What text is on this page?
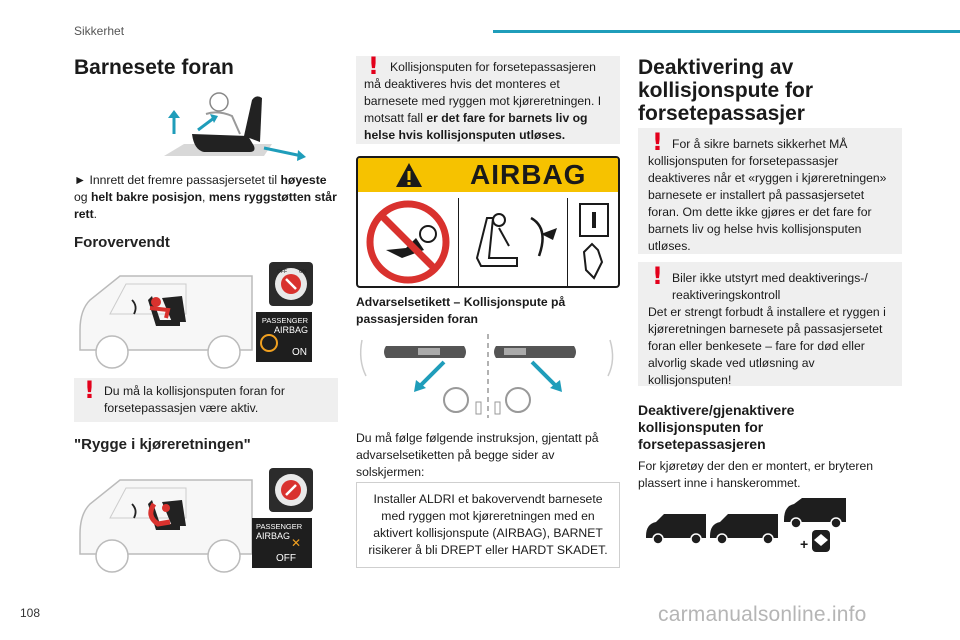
Sikkerhet
Barnesete foran

► Innrett det fremre passasjersetet til høyeste og helt bakre posisjon, mens ryggstøtten står rett.

Forovervendt
OFF ON
PASSENGER
AIRBAG
ON
! Du må la kollisjonsputen foran for forsetepassasjen være aktiv.
"Rygge i kjøreretningen"
PASSENGER
AIRBAG ✕
OFF
! Kollisjonsputen for forsetepassasjeren må deaktiveres hvis det monteres et barnesete med ryggen mot kjøreretningen. I motsatt fall er det fare for barnets liv og helse hvis kollisjonsputen utløses.
AIRBAG

Advarselsetikett – Kollisjonspute på passasjersiden foran

Du må følge følgende instruksjon, gjentatt på advarselsetiketten på begge sider av solskjermen:

Installer ALDRI et bakovervendt barnesete med ryggen mot kjøreretningen med en aktivert kollisjonspute (AIRBAG), BARNET risikerer å bli DREPT eller HARDT SKADET.
Deaktivering av kollisjonspute for forsetepassasjer
! For å sikre barnets sikkerhet MÅ kollisjonsputen for forsetepassasjer deaktiveres når et «ryggen i kjøreretningen» barnesete er installert på passasjersetet foran. Om dette ikke gjøres er det fare for barnets liv og helse hvis kollisjonsputen utløses.
! Biler ikke utstyrt med deaktiverings-/ reaktiveringskontroll
Det er strengt forbudt å installere et ryggen i kjøreretningen barnesete på passasjersetet foran eller benkesete – fare for død eller alvorlig skade ved utløsning av kollisjonsputen!
Deaktivere/gjenaktivere kollisjonsputen for forsetepassasjeren

For kjøretøy der den er montert, er bryteren plassert inne i hanskerommet.

+
108	carmanualsonline.info
